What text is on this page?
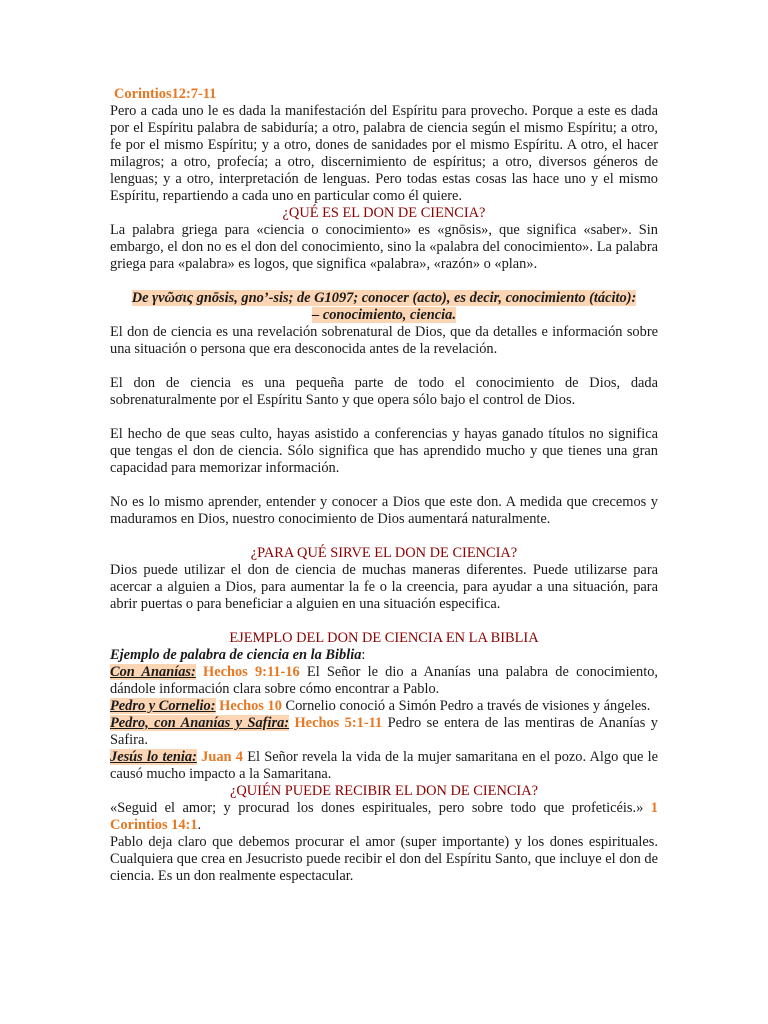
Corintios12:7-11

Pero a cada uno le es dada la manifestación del Espíritu para provecho. Porque a este es dada por el Espíritu palabra de sabiduría; a otro, palabra de ciencia según el mismo Espíritu; a otro, fe por el mismo Espíritu; y a otro, dones de sanidades por el mismo Espíritu. A otro, el hacer milagros; a otro, profecía; a otro, discernimiento de espíritus; a otro, diversos géneros de lenguas; y a otro, interpretación de lenguas. Pero todas estas cosas las hace uno y el mismo Espíritu, repartiendo a cada uno en particular como él quiere.

¿QUÉ ES EL DON DE CIENCIA?

La palabra griega para «ciencia o conocimiento» es «gnōsis», que significa «saber». Sin embargo, el don no es el don del conocimiento, sino la «palabra del conocimiento». La palabra griega para «palabra» es logos, que significa «palabra», «razón» o «plan».

De γνῶσις gnōsis, gno’-sis; de G1097; conocer (acto), es decir, conocimiento (tácito):
– conocimiento, ciencia.

El don de ciencia es una revelación sobrenatural de Dios, que da detalles e información sobre una situación o persona que era desconocida antes de la revelación.

El don de ciencia es una pequeña parte de todo el conocimiento de Dios, dada sobrenaturalmente por el Espíritu Santo y que opera sólo bajo el control de Dios.

El hecho de que seas culto, hayas asistido a conferencias y hayas ganado títulos no significa que tengas el don de ciencia. Sólo significa que has aprendido mucho y que tienes una gran capacidad para memorizar información.

No es lo mismo aprender, entender y conocer a Dios que este don. A medida que crecemos y maduramos en Dios, nuestro conocimiento de Dios aumentará naturalmente.

¿PARA QUÉ SIRVE EL DON DE CIENCIA?

Dios puede utilizar el don de ciencia de muchas maneras diferentes. Puede utilizarse para acercar a alguien a Dios, para aumentar la fe o la creencia, para ayudar a una situación, para abrir puertas o para beneficiar a alguien en una situación especifica.

EJEMPLO DEL DON DE CIENCIA EN LA BIBLIA

Ejemplo de palabra de ciencia en la Biblia:

Con Ananías: Hechos 9:11-16 El Señor le dio a Ananías una palabra de conocimiento, dándole información clara sobre cómo encontrar a Pablo.

Pedro y Cornelio: Hechos 10 Cornelio conoció a Simón Pedro a través de visiones y ángeles.

Pedro, con Ananías y Safira: Hechos 5:1-11 Pedro se entera de las mentiras de Ananías y Safira.

Jesús lo tenia: Juan 4 El Señor revela la vida de la mujer samaritana en el pozo. Algo que le causó mucho impacto a la Samaritana.

¿QUIÉN PUEDE RECIBIR EL DON DE CIENCIA?

«Seguid el amor; y procurad los dones espirituales, pero sobre todo que profeticéis.» 1 Corintios 14:1.

Pablo deja claro que debemos procurar el amor (super importante) y los dones espirituales. Cualquiera que crea en Jesucristo puede recibir el don del Espíritu Santo, que incluye el don de ciencia. Es un don realmente espectacular.
